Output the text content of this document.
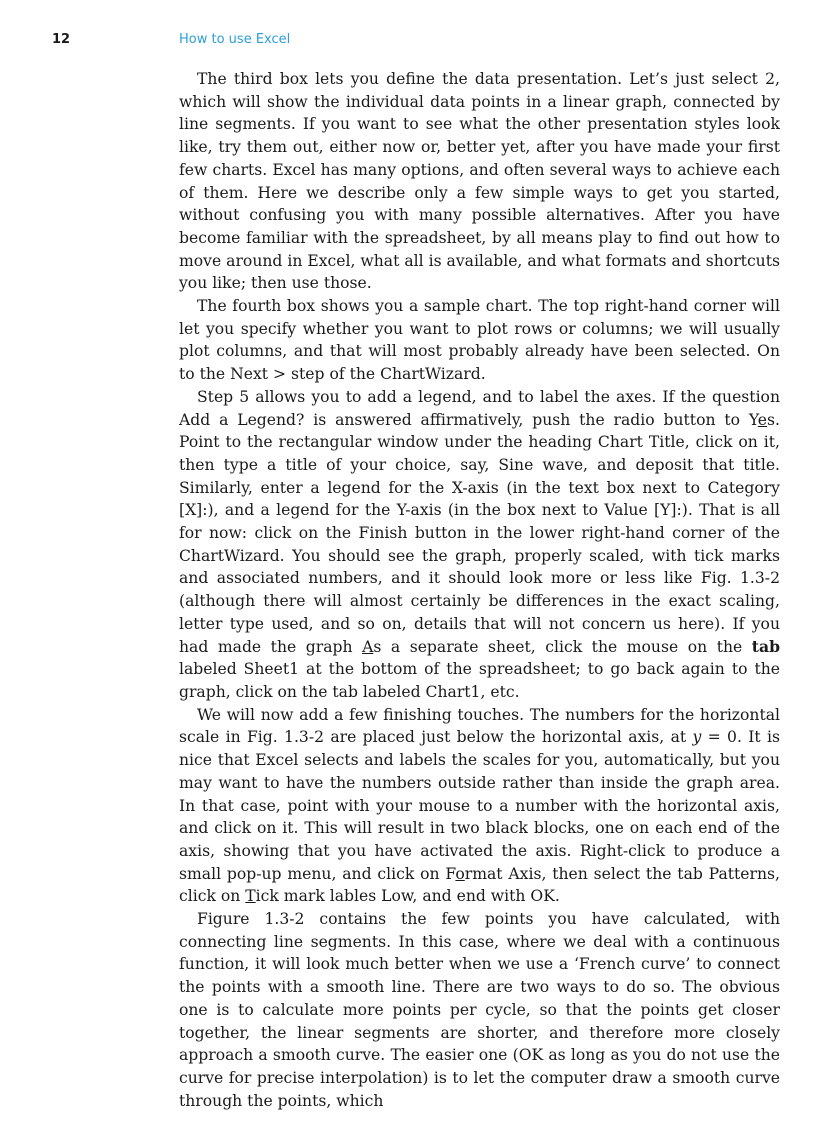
12	How to use Excel

The third box lets you define the data presentation. Let’s just select 2, which will show the individual data points in a linear graph, connected by line segments. If you want to see what the other presentation styles look like, try them out, either now or, better yet, after you have made your first few charts. Excel has many options, and often several ways to achieve each of them. Here we describe only a few simple ways to get you started, without confusing you with many possible alternatives. After you have become familiar with the spreadsheet, by all means play to find out how to move around in Excel, what all is available, and what formats and shortcuts you like; then use those.

The fourth box shows you a sample chart. The top right-hand corner will let you specify whether you want to plot rows or columns; we will usually plot columns, and that will most probably already have been selected. On to the Next > step of the ChartWizard.

Step 5 allows you to add a legend, and to label the axes. If the question Add a Legend? is answered affirmatively, push the radio button to Yes. Point to the rectangular window under the heading Chart Title, click on it, then type a title of your choice, say, Sine wave, and deposit that title. Similarly, enter a legend for the X-axis (in the text box next to Category [X]:), and a legend for the Y-axis (in the box next to Value [Y]:). That is all for now: click on the Finish button in the lower right-hand corner of the ChartWizard. You should see the graph, properly scaled, with tick marks and associated numbers, and it should look more or less like Fig. 1.3-2 (although there will almost certainly be differences in the exact scaling, letter type used, and so on, details that will not concern us here). If you had made the graph As a separate sheet, click the mouse on the tab labeled Sheet1 at the bottom of the spreadsheet; to go back again to the graph, click on the tab labeled Chart1, etc.

We will now add a few finishing touches. The numbers for the horizontal scale in Fig. 1.3-2 are placed just below the horizontal axis, at y = 0. It is nice that Excel selects and labels the scales for you, automatically, but you may want to have the numbers outside rather than inside the graph area. In that case, point with your mouse to a number with the horizontal axis, and click on it. This will result in two black blocks, one on each end of the axis, showing that you have activated the axis. Right-click to produce a small pop-up menu, and click on Format Axis, then select the tab Patterns, click on Tick mark lables Low, and end with OK.

Figure 1.3-2 contains the few points you have calculated, with connecting line segments. In this case, where we deal with a continuous function, it will look much better when we use a ‘French curve’ to connect the points with a smooth line. There are two ways to do so. The obvious one is to calculate more points per cycle, so that the points get closer together, the linear segments are shorter, and therefore more closely approach a smooth curve. The easier one (OK as long as you do not use the curve for precise interpolation) is to let the computer draw a smooth curve through the points, which
